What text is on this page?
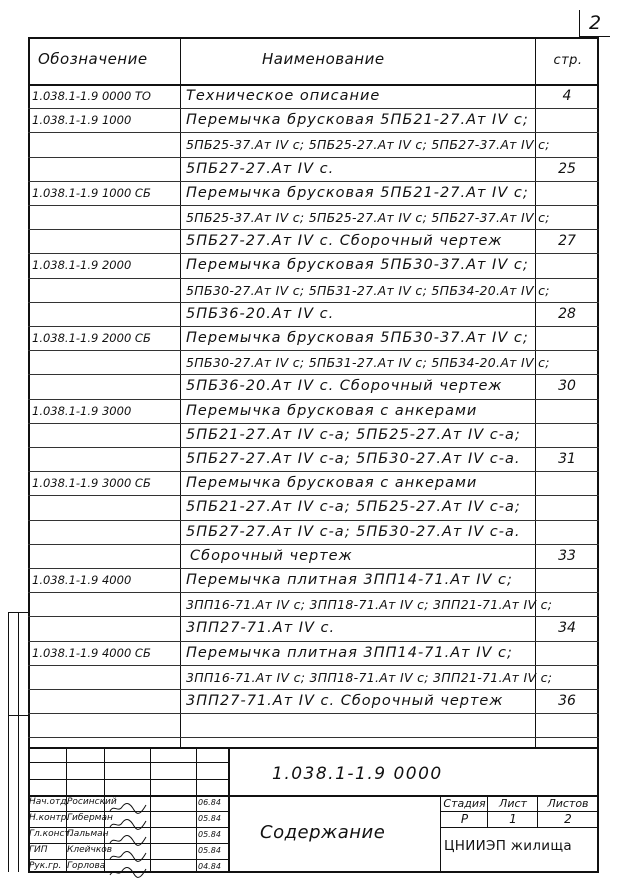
2
Обозначение	Наименование	стр.
1.038.1-1.9 0000 ТО	Техническое описание	4
1.038.1-1.9 1000	Перемычка брусковая 5ПБ21-27.Ат IV с;
5ПБ25-37.Ат IV с; 5ПБ25-27.Ат IV с; 5ПБ27-37.Ат IV с;
5ПБ27-27.Ат IV с.	25
1.038.1-1.9 1000 СБ	Перемычка брусковая 5ПБ21-27.Ат IV с;
5ПБ25-37.Ат IV с; 5ПБ25-27.Ат IV с; 5ПБ27-37.Ат IV с;
5ПБ27-27.Ат IV с. Сборочный чертеж	27
1.038.1-1.9 2000	Перемычка брусковая 5ПБ30-37.Ат IV с;
5ПБ30-27.Ат IV с; 5ПБ31-27.Ат IV с; 5ПБ34-20.Ат IV с;
5ПБ36-20.Ат IV с.	28
1.038.1-1.9 2000 СБ	Перемычка брусковая 5ПБ30-37.Ат IV с;
5ПБ30-27.Ат IV с; 5ПБ31-27.Ат IV с; 5ПБ34-20.Ат IV с;
5ПБ36-20.Ат IV с. Сборочный чертеж	30
1.038.1-1.9 3000	Перемычка брусковая с анкерами
5ПБ21-27.Ат IV с-а; 5ПБ25-27.Ат IV с-а;
5ПБ27-27.Ат IV с-а; 5ПБ30-27.Ат IV с-а.	31
1.038.1-1.9 3000 СБ	Перемычка брусковая с анкерами
5ПБ21-27.Ат IV с-а; 5ПБ25-27.Ат IV с-а;
5ПБ27-27.Ат IV с-а; 5ПБ30-27.Ат IV с-а.
Сборочный чертеж	33
1.038.1-1.9 4000	Перемычка плитная 3ПП14-71.Ат IV с;
3ПП16-71.Ат IV с; 3ПП18-71.Ат IV с; 3ПП21-71.Ат IV с;
3ПП27-71.Ат IV с.	34
1.038.1-1.9 4000 СБ	Перемычка плитная 3ПП14-71.Ат IV с;
3ПП16-71.Ат IV с; 3ПП18-71.Ат IV с; 3ПП21-71.Ат IV с;
3ПП27-71.Ат IV с. Сборочный чертеж	36
1.038.1-1.9 0000
Содержание
Стадия	Лист	Листов
Р	1	2
ЦНИИЭП жилища
Нач.отд.
Росинский	06.84
Н.контр.
Гиберман	05.84
Гл.конст.
Пальман	05.84
ГИП	Клейчков	05.84
Рук.гр. Горлова	04.84
